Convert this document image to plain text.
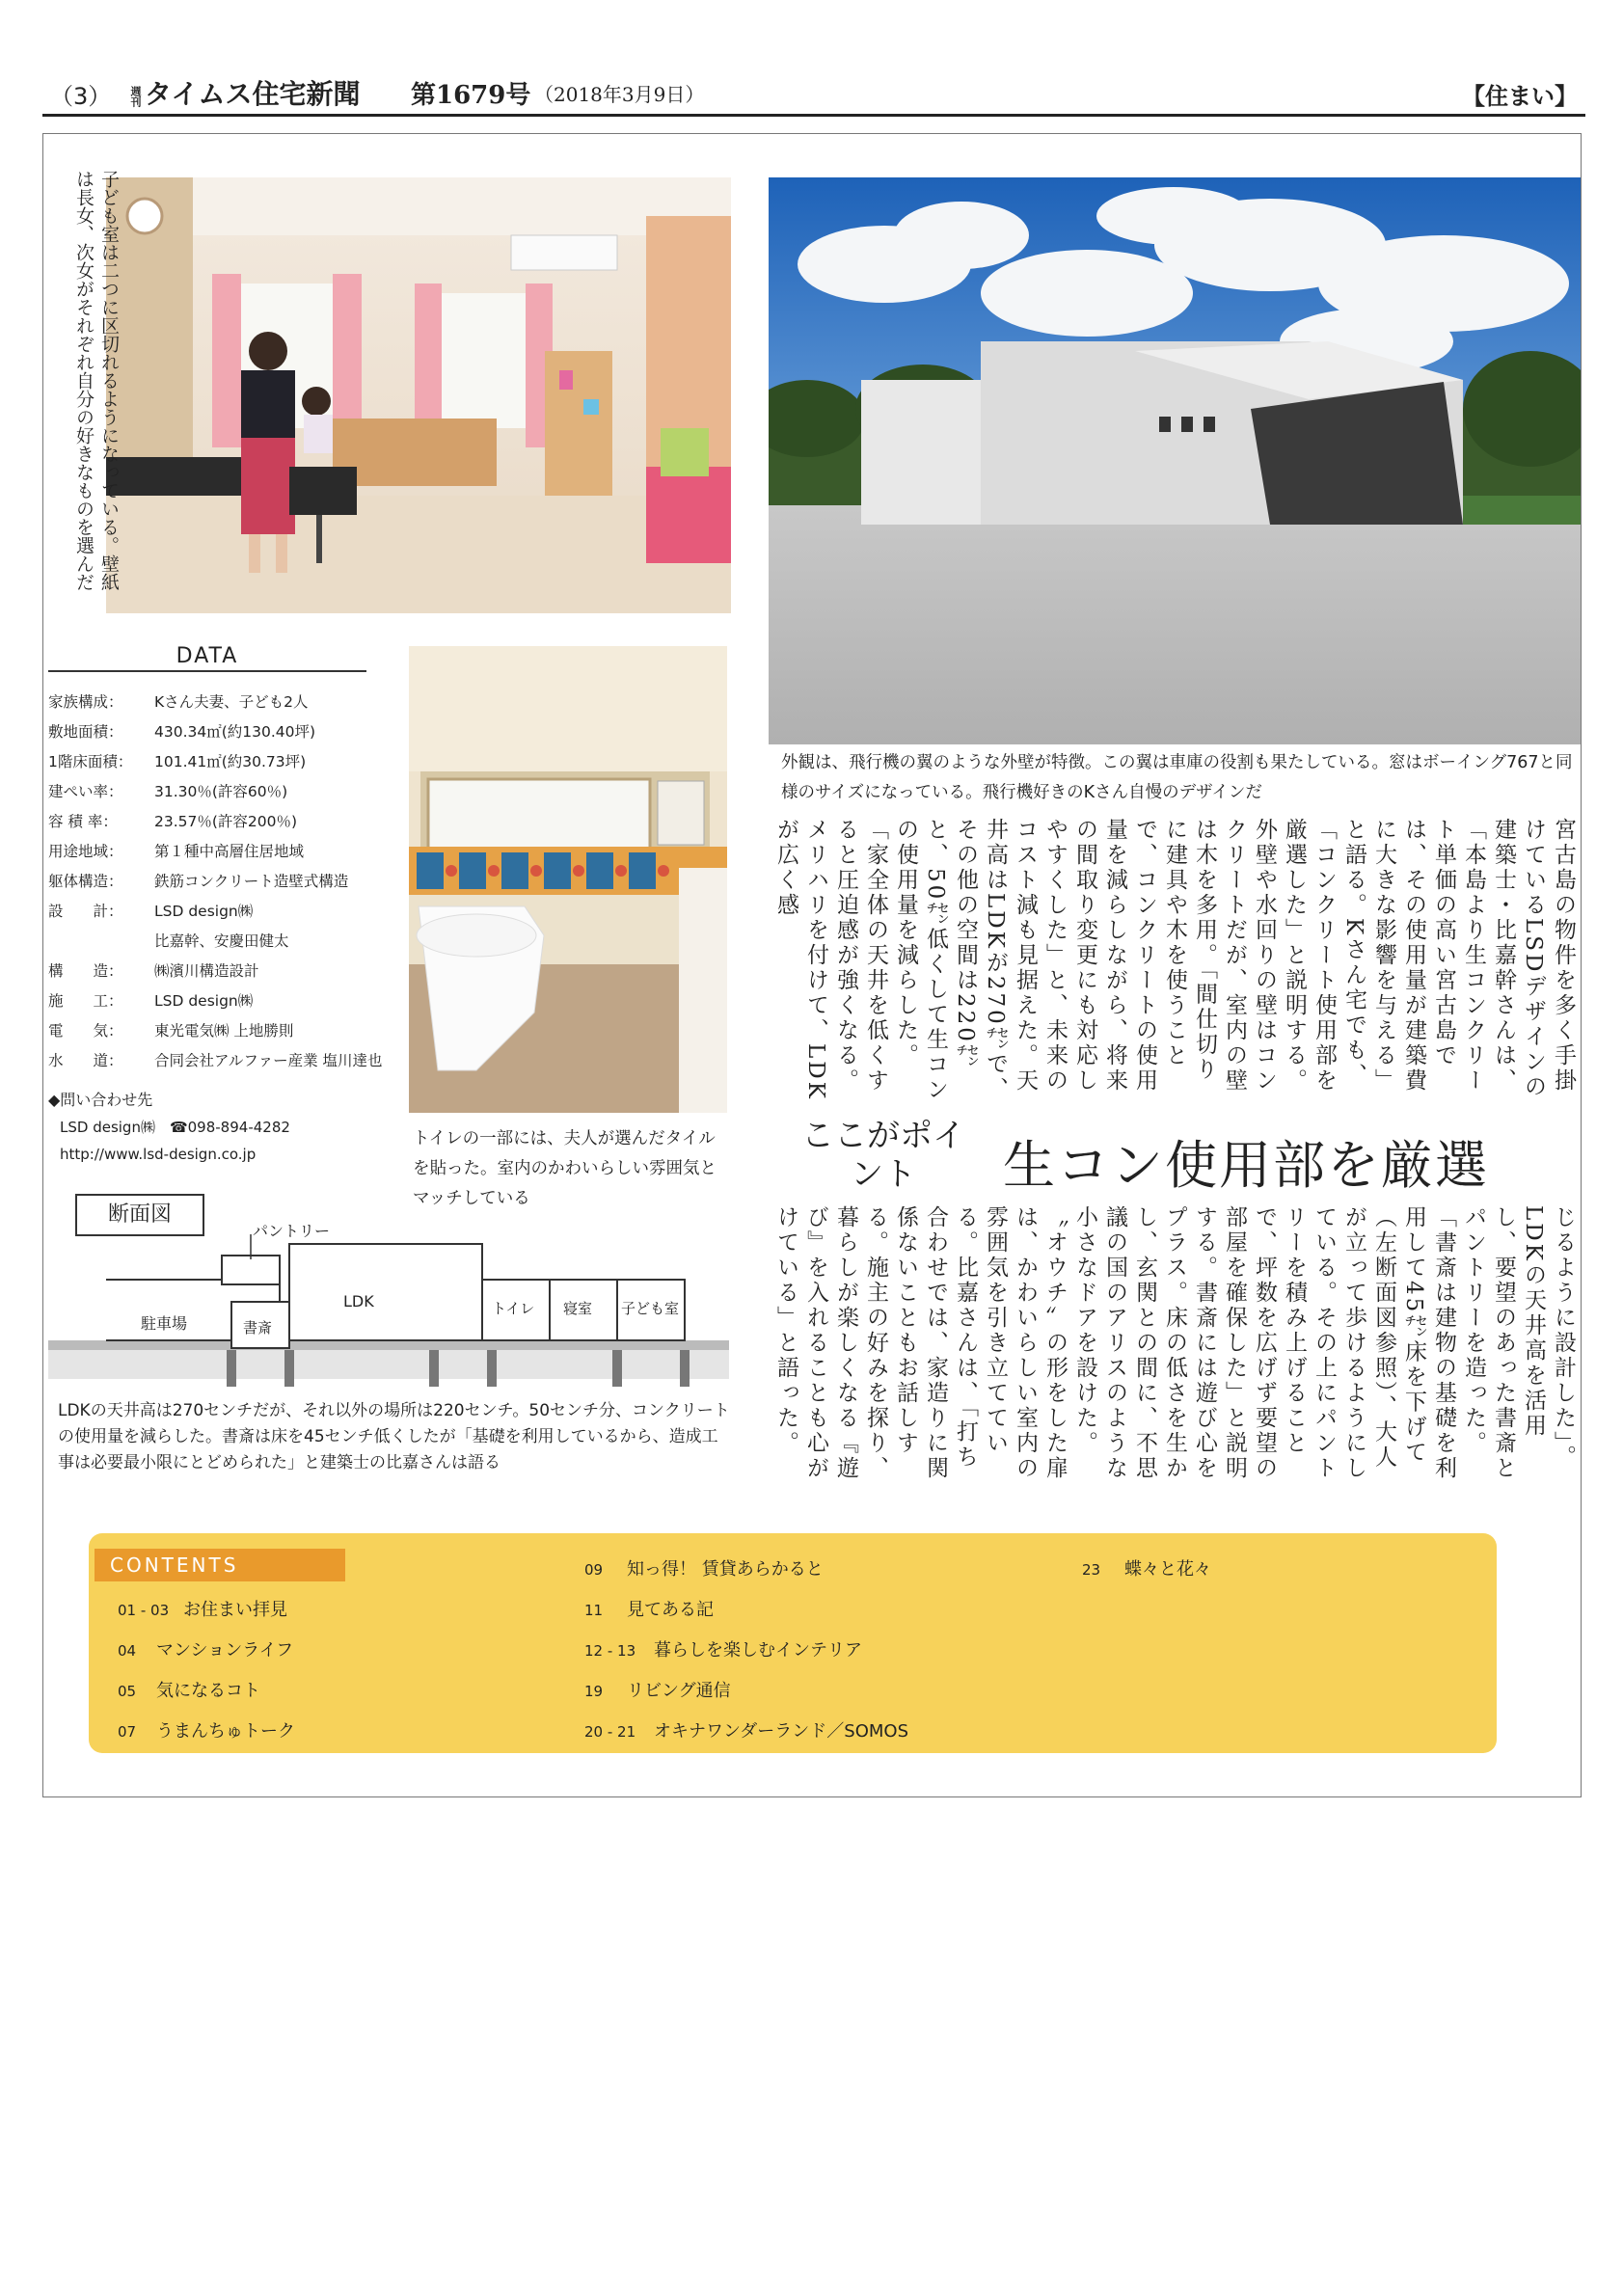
（3） 週刊 タイムス住宅新聞 第1679号 （2018年3月9日）	【住まい】
子ども室は二つに区切れるようになっている。壁紙は長女、次女がそれぞれ自分の好きなものを選んだ
DATA
家族構成： Kさん夫妻、子ども2人
敷地面積： 430.34㎡(約130.40坪)
1階床面積： 101.41㎡(約30.73坪)
建ぺい率： 31.30％(許容60％)
容 積 率： 23.57％(許容200％)
用途地域： 第１種中高層住居地域
躯体構造： 鉄筋コンクリート造壁式構造
設　　計： LSD design㈱
比嘉幹、安慶田健太
構　　造： ㈱濱川構造設計
施　　工： LSD design㈱
電　　気： 東光電気㈱ 上地勝則
水　　道： 合同会社アルファー産業 塩川達也
◆問い合わせ先
LSD design㈱　☎098-894-4282
http://www.lsd-design.co.jp
トイレの一部には、夫人が選んだタイルを貼った。室内のかわいらしい雰囲気とマッチしている
断面図
パントリー
駐車場	書斎
LDK	トイレ 寝室 子ども室
LDKの天井高は270センチだが、それ以外の場所は220センチ。50センチ分、コンクリートの使用量を減らした。書斎は床を45センチ低くしたが「基礎を利用しているから、造成工事は必要最小限にとどめられた」と建築士の比嘉さんは語る
外観は、飛行機の翼のような外壁が特徴。この翼は車庫の役割も果たしている。窓はボーイング767と同様のサイズになっている。飛行機好きのKさん自慢のデザインだ
宮古島の物件を多く手掛けているLSDデザインの建築士・比嘉幹さんは、「本島より生コンクリート単価の高い宮古島では、その使用量が建築費に大きな影響を与える」と語る。Kさん宅でも、「コンクリート使用部を厳選した」と説明する。外壁や水回りの壁はコンクリートだが、室内の壁は木を多用。「間仕切りに建具や木を使うことで、コンクリートの使用量を減らしながら、将来の間取り変更にも対応しやすくした」と、未来のコスト減も見据えた。天井高はLDKが270㌢で、その他の空間は220㌢と、50㌢低くして生コンの使用量を減らした。「家全体の天井を低くすると圧迫感が強くなる。メリハリを付けて、LDKが広く感
ここがポイント	生コン使用部を厳選
じるように設計した」。LDKの天井高を活用し、要望のあった書斎とパントリーを造った。「書斎は建物の基礎を利用して45㌢床を下げて（左断面図参照）、大人が立って歩けるようにしている。その上にパントリーを積み上げることで、坪数を広げず要望の部屋を確保した」と説明する。書斎には遊び心をプラス。床の低さを生かし、玄関との間に、不思議の国のアリスのような小さなドアを設けた。〝オウチ〟の形をした扉は、かわいらしい室内の雰囲気を引き立てている。比嘉さんは、「打ち合わせでは、家造りに関係ないこともお話しする。施主の好みを探り、暮らしが楽しくなる『遊び』を入れることも心がけている」と語った。
CONTENTS
01 - 03 お住まい拝見
04 マンションライフ
05 気になるコト
07 うまんちゅトーク
09 知っ得！ 賃貸あらかると
11 見てある記
12 - 13 暮らしを楽しむインテリア
19 リビング通信
20 - 21 オキナワンダーランド／SOMOS
23 蝶々と花々
